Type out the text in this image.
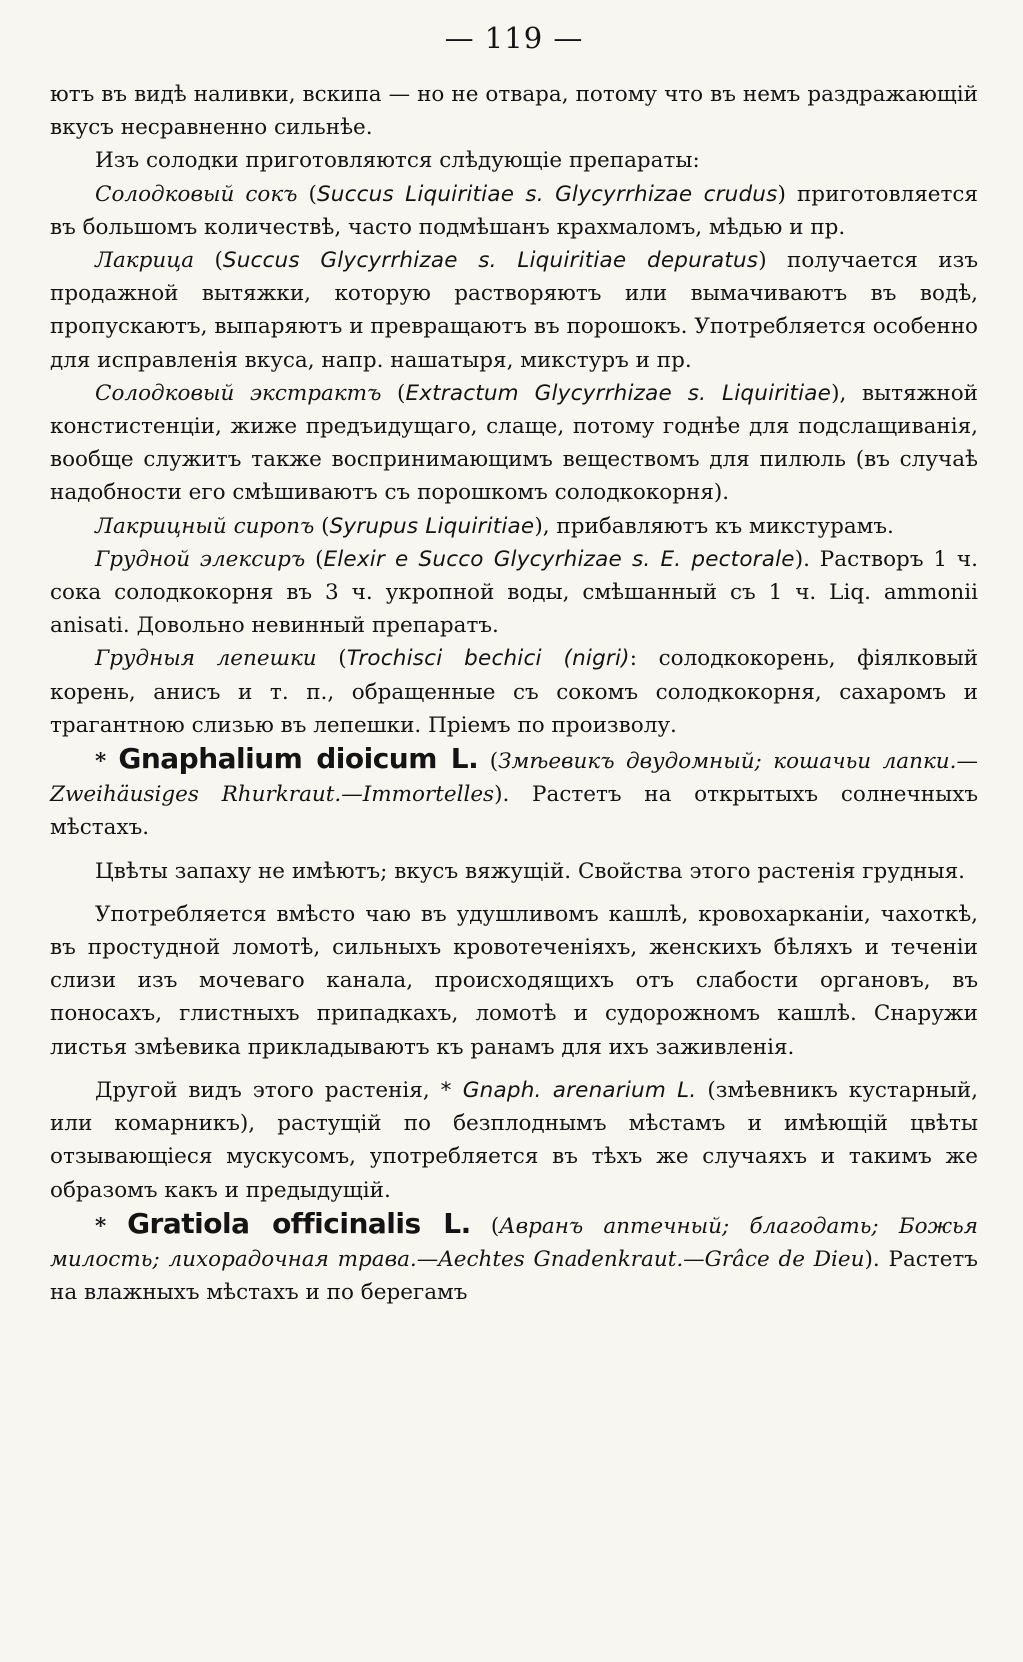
— 119 —

ютъ въ видѣ наливки, вскипа — но не отвара, потому что въ немъ раздражающій вкусъ несравненно сильнѣе.

Изъ солодки приготовляются слѣдующіе препараты:

Солодковый сокъ (Succus Liquiritiae s. Glycyrrhizae crudus) приготовляется въ большомъ количествѣ, часто подмѣшанъ крахмаломъ, мѣдью и пр.

Лакрица (Succus Glycyrrhizae s. Liquiritiae depuratus) получается изъ продажной вытяжки, которую растворяютъ или вымачиваютъ въ водѣ, пропускаютъ, выпаряютъ и превращаютъ въ порошокъ. Употребляется особенно для исправленія вкуса, напр. нашатыря, микстуръ и пр.

Солодковый экстрактъ (Extractum Glycyrrhizae s. Liquiritiae), вытяжной констистенціи, жиже предъидущаго, слаще, потому годнѣе для подслащиванія, вообще служитъ также воспринимающимъ веществомъ для пилюль (въ случаѣ надобности его смѣшиваютъ съ порошкомъ солодкокорня).

Лакрицный сиропъ (Syrupus Liquiritiae), прибавляютъ къ микстурамъ.

Грудной элексиръ (Elexir e Succo Glycyrhizae s. E. pectorale). Растворъ 1 ч. сока солодкокорня въ 3 ч. укропной воды, смѣшанный съ 1 ч. Liq. ammonii anisati. Довольно невинный препаратъ.

Грудныя лепешки (Trochisci bechici (nigri): солодкокорень, фіялковый корень, анисъ и т. п., обращенные съ сокомъ солодкокорня, сахаромъ и трагантною слизью въ лепешки. Пріемъ по произволу.

* Gnaphalium dioicum L. (Змѣевикъ двудомный; кошачьи лапки.—Zweihäusiges Rhurkraut.—Immortelles). Растетъ на открытыхъ солнечныхъ мѣстахъ.

Цвѣты запаху не имѣютъ; вкусъ вяжущій. Свойства этого растенія грудныя.

Употребляется вмѣсто чаю въ удушливомъ кашлѣ, кровохарканіи, чахоткѣ, въ простудной ломотѣ, сильныхъ кровотеченіяхъ, женскихъ бѣляхъ и теченіи слизи изъ мочеваго канала, происходящихъ отъ слабости органовъ, въ поносахъ, глистныхъ припадкахъ, ломотѣ и судорожномъ кашлѣ. Снаружи листья змѣевика прикладываютъ къ ранамъ для ихъ заживленія.

Другой видъ этого растенія, * Gnaph. arenarium L. (змѣевникъ кустарный, или комарникъ), растущій по безплоднымъ мѣстамъ и имѣющій цвѣты отзывающіеся мускусомъ, употребляется въ тѣхъ же случаяхъ и такимъ же образомъ какъ и предыдущій.

* Gratiola officinalis L. (Авранъ аптечный; благодать; Божья милость; лихорадочная трава.—Aechtes Gnadenkraut.—Grâce de Dieu). Растетъ на влажныхъ мѣстахъ и по берегамъ
